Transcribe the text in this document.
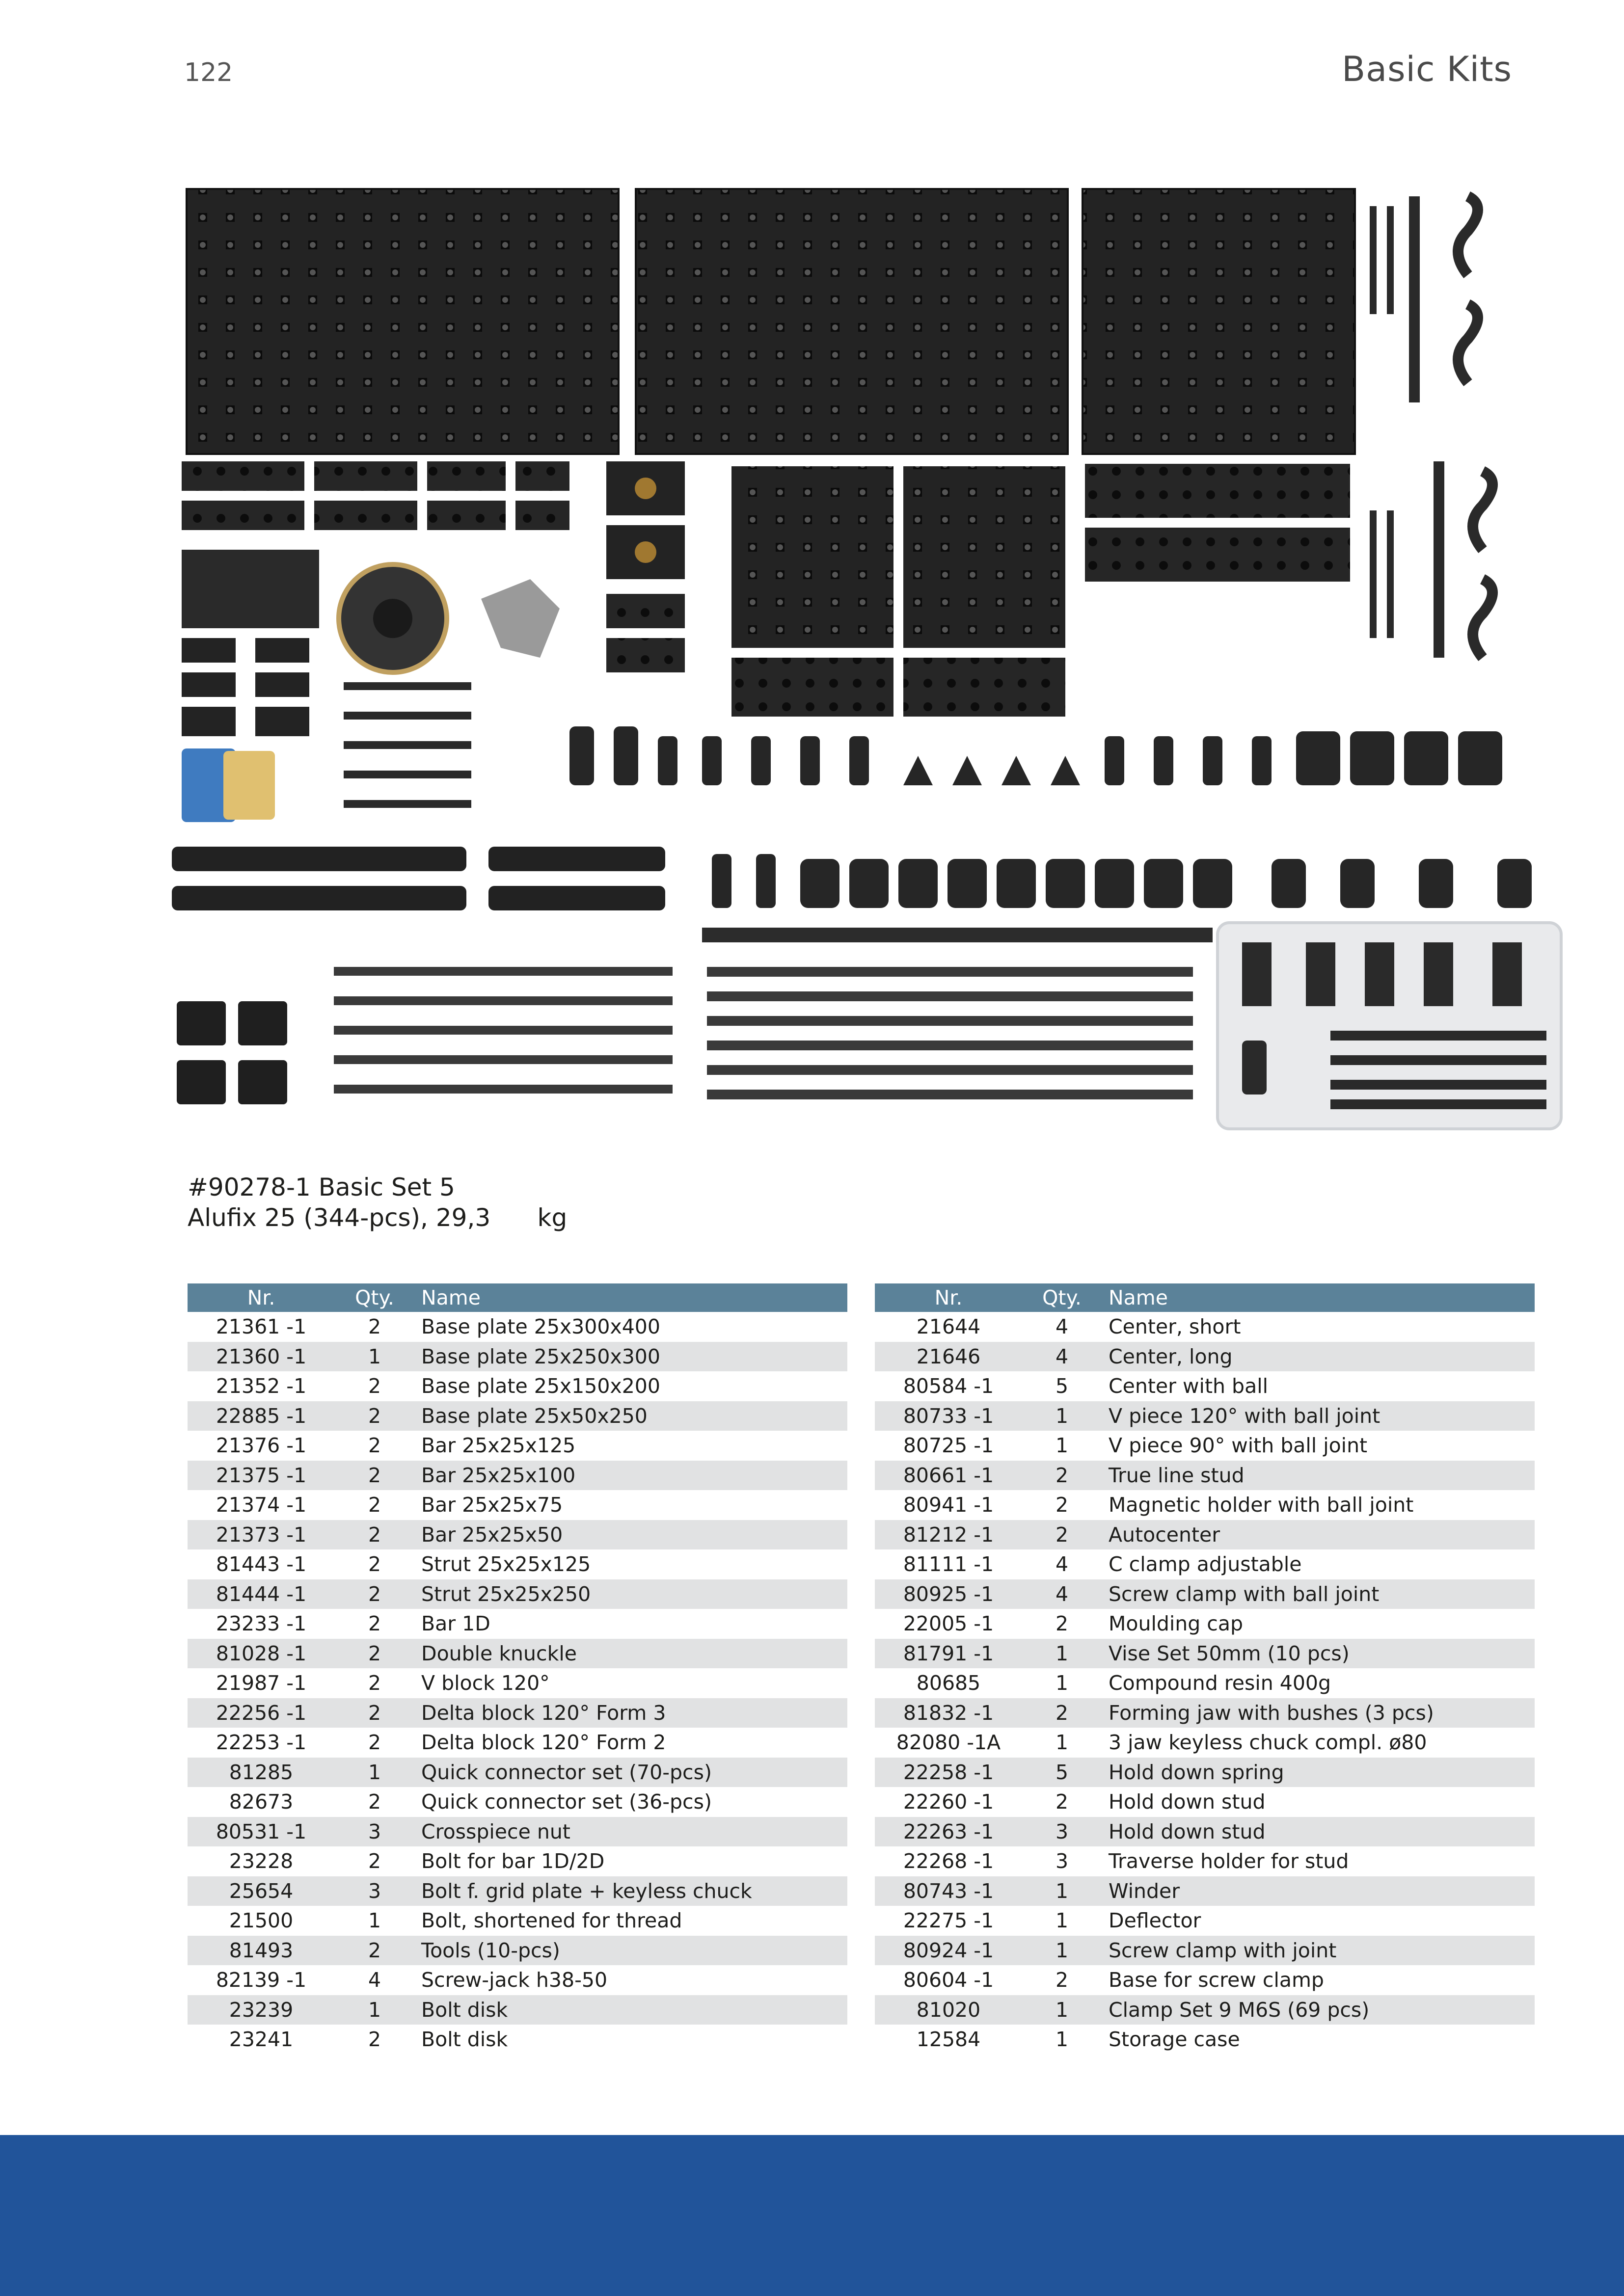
122	Basic Kits
#90278-1 Basic Set 5
Alufix 25 (344-pcs), 29,3      kg
Nr.	Qty.	Name
21361 -1	2	Base plate 25x300x400
21360 -1	1	Base plate 25x250x300
21352 -1	2	Base plate 25x150x200
22885 -1	2	Base plate 25x50x250
21376 -1	2	Bar 25x25x125
21375 -1	2	Bar 25x25x100
21374 -1	2	Bar 25x25x75
21373 -1	2	Bar 25x25x50
81443 -1	2	Strut 25x25x125
81444 -1	2	Strut 25x25x250
23233 -1	2	Bar 1D
81028 -1	2	Double knuckle
21987 -1	2	V block 120°
22256 -1	2	Delta block 120° Form 3
22253 -1	2	Delta block 120° Form 2
81285	1	Quick connector set (70-pcs)
82673	2	Quick connector set (36-pcs)
80531 -1	3	Crosspiece nut
23228	2	Bolt for bar 1D/2D
25654	3	Bolt f. grid plate + keyless chuck
21500	1	Bolt, shortened for thread
81493	2	Tools (10-pcs)
82139 -1	4	Screw-jack h38-50
23239	1	Bolt disk
23241	2	Bolt disk
Nr.	Qty.	Name
21644	4	Center, short
21646	4	Center, long
80584 -1	5	Center with ball
80733 -1	1	V piece 120° with ball joint
80725 -1	1	V piece 90° with ball joint
80661 -1	2	True line stud
80941 -1	2	Magnetic holder with ball joint
81212 -1	2	Autocenter
81111 -1	4	C clamp adjustable
80925 -1	4	Screw clamp with ball joint
22005 -1	2	Moulding cap
81791 -1	1	Vise Set 50mm (10 pcs)
80685	1	Compound resin 400g
81832 -1	2	Forming jaw with bushes (3 pcs)
82080 -1A	1	3 jaw keyless chuck compl. ø80
22258 -1	5	Hold down spring
22260 -1	2	Hold down stud
22263 -1	3	Hold down stud
22268 -1	3	Traverse holder for stud
80743 -1	1	Winder
22275 -1	1	Deflector
80924 -1	1	Screw clamp with joint
80604 -1	2	Base for screw clamp
81020	1	Clamp Set 9 M6S (69 pcs)
12584	1	Storage case
